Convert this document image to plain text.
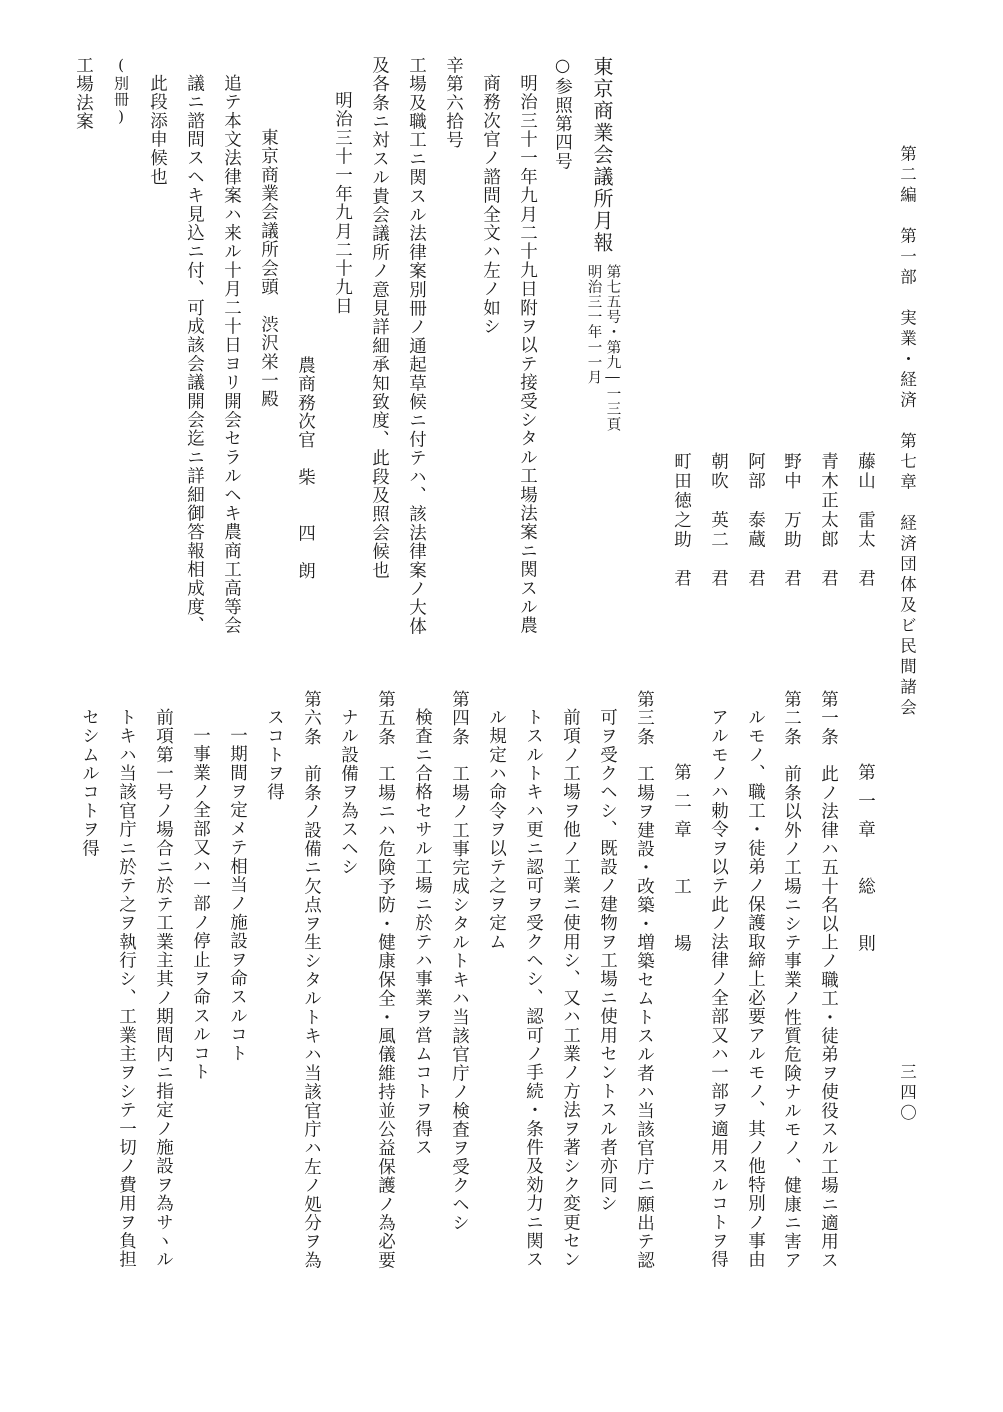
第二編　第一部　実業・経済　第七章　経済団体及ビ民間諸会
三四〇
藤山　雷太
君
青木正太郎
君
野中　万助
君
阿部　泰蔵
君
朝吹　英二
君
町田徳之助
君
東京商業会議所月報
第七五号・第九―一三頁
明治三一年一一月
○参照第四号
明治三十一年九月二十九日附ヲ以テ接受シタル工場法案ニ関スル農
商務次官ノ諮問全文ハ左ノ如シ
辛第六拾号
工場及職工ニ関スル法律案別冊ノ通起草候ニ付テハ、該法律案ノ大体
及各条ニ対スル貴会議所ノ意見詳細承知致度、此段及照会候也
明治三十一年九月二十九日
農商務次官　柴　　四　朗
東京商業会議所会頭　渋沢栄一殿
追テ本文法律案ハ来ル十月二十日ヨリ開会セラルヘキ農商工高等会
議ニ諮問スヘキ見込ニ付、可成該会議開会迄ニ詳細御答報相成度、
此段添申候也
(別冊)
工場法案
第一章　総　則
第一条　此ノ法律ハ五十名以上ノ職工・徒弟ヲ使役スル工場ニ適用ス
第二条　前条以外ノ工場ニシテ事業ノ性質危険ナルモノ、健康ニ害ア
ルモノ、職工・徒弟ノ保護取締上必要アルモノ、其ノ他特別ノ事由
アルモノハ勅令ヲ以テ此ノ法律ノ全部又ハ一部ヲ適用スルコトヲ得
第二章　工　場
第三条　工場ヲ建設・改築・増築セムトスル者ハ当該官庁ニ願出テ認
可ヲ受クヘシ、既設ノ建物ヲ工場ニ使用セントスル者亦同シ
前項ノ工場ヲ他ノ工業ニ使用シ、又ハ工業ノ方法ヲ著シク変更セン
トスルトキハ更ニ認可ヲ受クヘシ、認可ノ手続・条件及効力ニ関ス
ル規定ハ命令ヲ以テ之ヲ定ム
第四条　工場ノ工事完成シタルトキハ当該官庁ノ検査ヲ受クヘシ
検査ニ合格セサル工場ニ於テハ事業ヲ営ムコトヲ得ス
第五条　工場ニハ危険予防・健康保全・風儀維持並公益保護ノ為必要
ナル設備ヲ為スヘシ
第六条　前条ノ設備ニ欠点ヲ生シタルトキハ当該官庁ハ左ノ処分ヲ為
スコトヲ得
一期間ヲ定メテ相当ノ施設ヲ命スルコト
一事業ノ全部又ハ一部ノ停止ヲ命スルコト
前項第一号ノ場合ニ於テ工業主其ノ期間内ニ指定ノ施設ヲ為サヽル
トキハ当該官庁ニ於テ之ヲ執行シ、工業主ヲシテ一切ノ費用ヲ負担
セシムルコトヲ得
